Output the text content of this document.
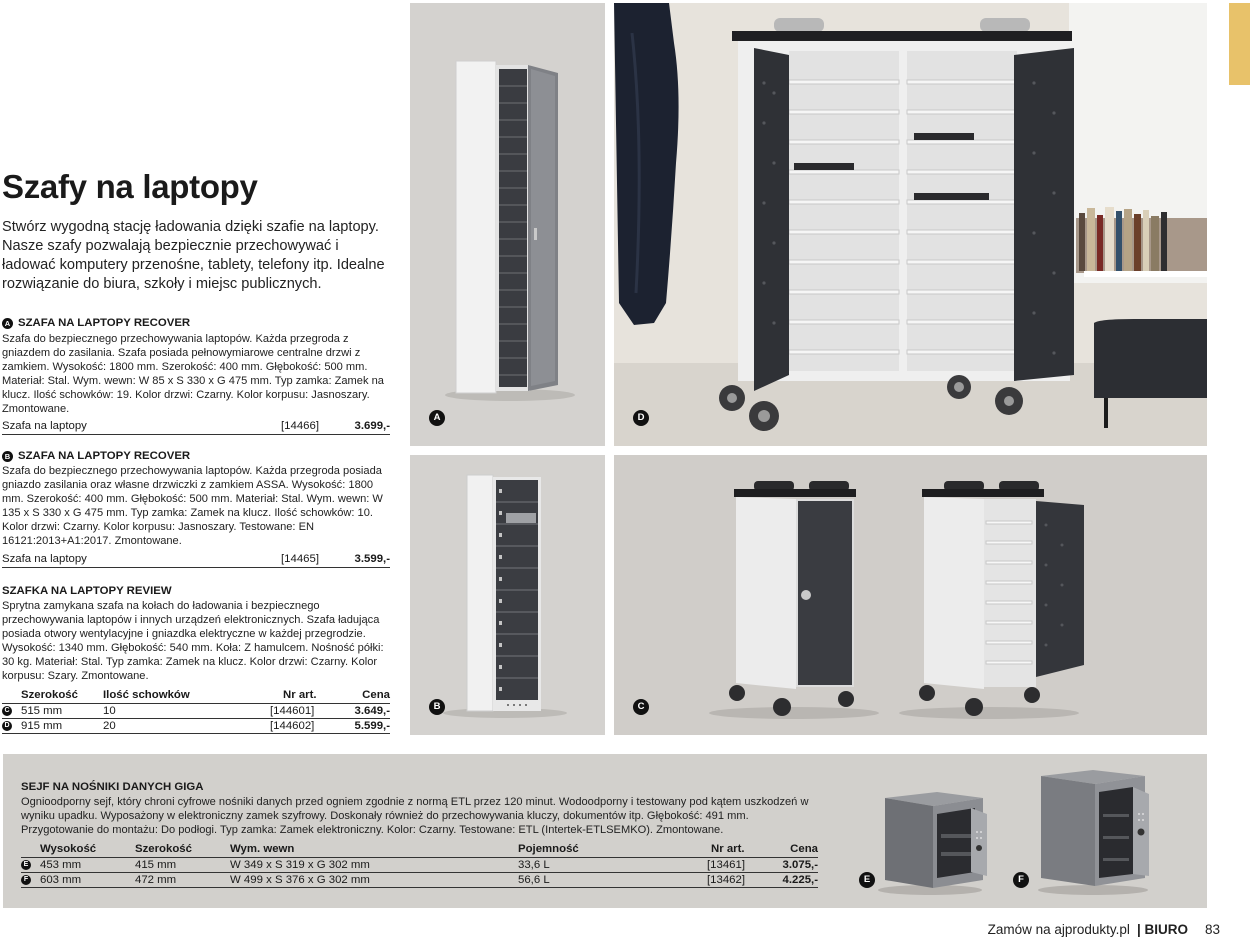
Szafy na laptopy

Stwórz wygodną stację ładowania dzięki szafie na laptopy. Nasze szafy pozwalają bezpiecznie przechowywać i ładować komputery przenośne, tablety, telefony itp. Idealne rozwiązanie do biura, szkoły i miejsc publicznych.

A SZAFA NA LAPTOPY RECOVER

Szafa do bezpiecznego przechowywania laptopów. Każda przegroda z gniazdem do zasilania. Szafa posiada pełnowymiarowe centralne drzwi z zamkiem. Wysokość: 1800 mm. Szerokość: 400 mm. Głębokość: 500 mm. Materiał: Stal. Wym. wewn: W 85 x S 330 x G 475 mm. Typ zamka: Zamek na klucz. Ilość schowków: 19. Kolor drzwi: Czarny. Kolor korpusu: Jasnoszary. Zmontowane.

Szafa na laptopy	[14466]	3.699,-
B SZAFA NA LAPTOPY RECOVER

Szafa do bezpiecznego przechowywania laptopów. Każda przegroda posiada gniazdo zasilania oraz własne drzwiczki z zamkiem ASSA. Wysokość: 1800 mm. Szerokość: 400 mm. Głębokość: 500 mm. Materiał: Stal. Wym. wewn: W 135 x S 330 x G 475 mm. Typ zamka: Zamek na klucz. Ilość schowków: 10. Kolor drzwi: Czarny. Kolor korpusu: Jasnoszary. Testowane: EN 16121:2013+A1:2017. Zmontowane.

Szafa na laptopy	[14465]	3.599,-
SZAFKA NA LAPTOPY REVIEW

Sprytna zamykana szafa na kołach do ładowania i bezpiecznego przechowywania laptopów i innych urządzeń elektronicznych. Szafa ładująca posiada otwory wentylacyjne i gniazdka elektryczne w każdej przegrodzie. Wysokość: 1340 mm. Głębokość: 540 mm. Koła: Z hamulcem. Nośność półki: 30 kg. Materiał: Stal. Typ zamka: Zamek na klucz. Kolor drzwi: Czarny. Kolor korpusu: Szary. Zmontowane.

Szerokość Ilość schowków	Nr art.	Cena
C 515 mm	10	[144601]	3.649,-
D 915 mm	20	[144602]	5.599,-
A	D
B	C
SEJF NA NOŚNIKI DANYCH GIGA

Ognioodporny sejf, który chroni cyfrowe nośniki danych przed ogniem zgodnie z normą ETL przez 120 minut. Wodoodporny i testowany pod kątem uszkodzeń w wyniku upadku. Wyposażony w elektroniczny zamek szyfrowy. Doskonały również do przechowywania kluczy, dokumentów itp. Głębokość: 491 mm. Przygotowanie do montażu: Do podłogi. Typ zamka: Zamek elektroniczny. Kolor: Czarny. Testowane: ETL (Intertek-ETLSEMKO). Zmontowane.

Wysokość	Szerokość	Wym. wewn	Pojemność	Nr art.	Cena
E 453 mm	415 mm	W 349 x S 319 x G 302 mm	33,6 L	[13461]	3.075,-
F 603 mm	472 mm	W 499 x S 376 x G 302 mm	56,6 L	[13462]	4.225,-	E	F
Zamów na ajprodukty.pl | BIURO 83
